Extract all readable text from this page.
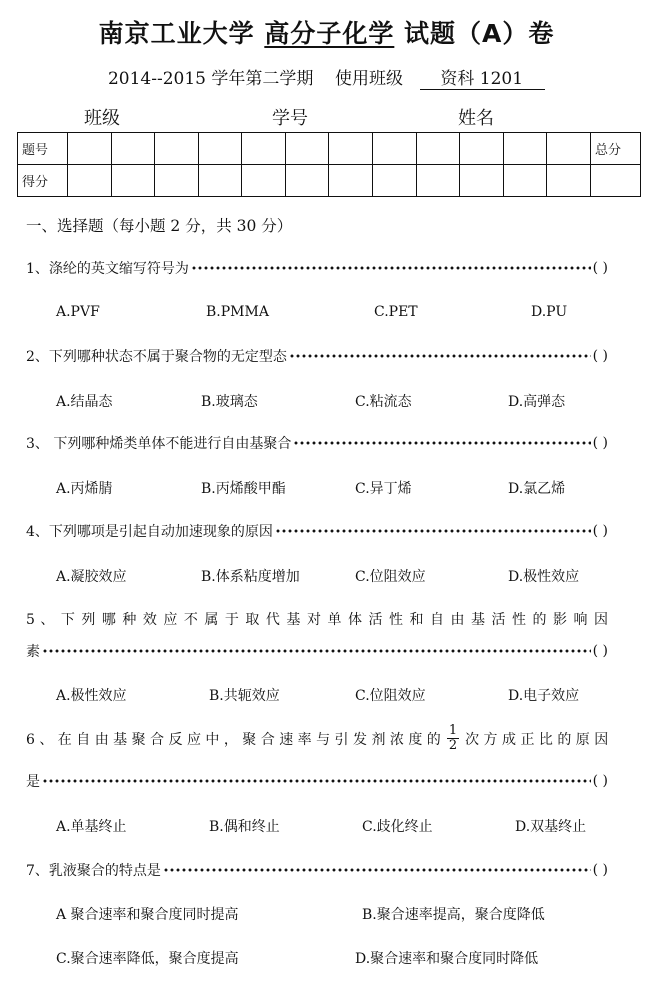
南京工业大学 高分子化学 试题（A）卷
2014--2015 学年第二学期 使用班级 资科 1201
班级	学号	姓名
题号													总分
得分													
一、选择题（每小题 2 分，共 30 分）
1、涤纶的英文缩写符号为	( )
A.PVF	B.PMMA	C.PET	D.PU
2、下列哪种状态不属于聚合物的无定型态	( )
A.结晶态	B.玻璃态	C.粘流态	D.高弹态
3、 下列哪种烯类单体不能进行自由基聚合	( )
A.丙烯腈	B.丙烯酸甲酯	C.异丁烯	D.氯乙烯
4、下列哪项是引起自动加速现象的原因	( )
A.凝胶效应	B.体系粘度增加	C.位阻效应	D.极性效应
5 、 下 列 哪 种 效 应 不 属 于 取 代 基 对 单 体 活 性 和 自 由 基 活 性 的 影 响 因
素	( )
A.极性效应	B.共轭效应	C.位阻效应	D.电子效应
6 、 在 自 由 基 聚 合 反 应 中 ， 聚 合 速 率 与 引 发 剂 浓 度 的 $\frac{1}{2}$ 次 方 成 正 比 的 原 因
是	( )
A.单基终止	B.偶和终止	C.歧化终止	D.双基终止
7、乳液聚合的特点是	( )
A 聚合速率和聚合度同时提高	B.聚合速率提高，聚合度降低
C.聚合速率降低，聚合度提高	D.聚合速率和聚合度同时降低
